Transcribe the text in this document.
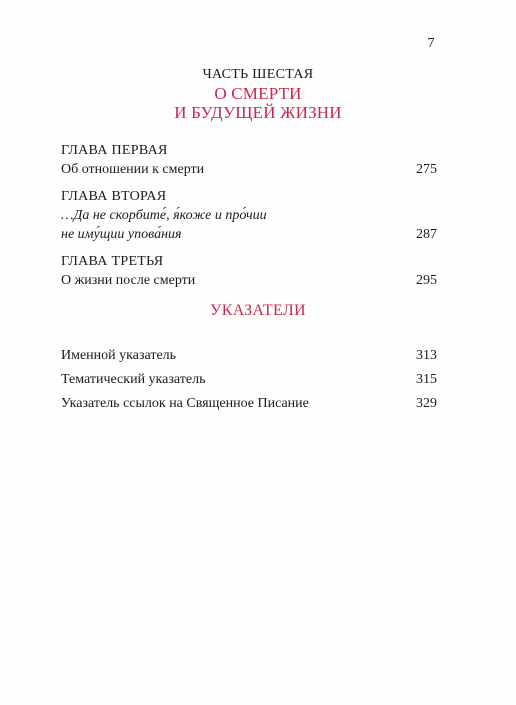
7
ЧАСТЬ ШЕСТАЯ
О СМЕРТИ
И БУДУЩЕЙ ЖИЗНИ
ГЛАВА ПЕРВАЯ
Об отношении к смерти	275
ГЛАВА ВТОРАЯ
…Да не скорбите́, я́коже и про́чии
не иму́щии упова́ния	287
ГЛАВА ТРЕТЬЯ
О жизни после смерти	295
УКАЗАТЕЛИ
Именной указатель	313
Тематический указатель	315
Указатель ссылок на Священное Писание	329
